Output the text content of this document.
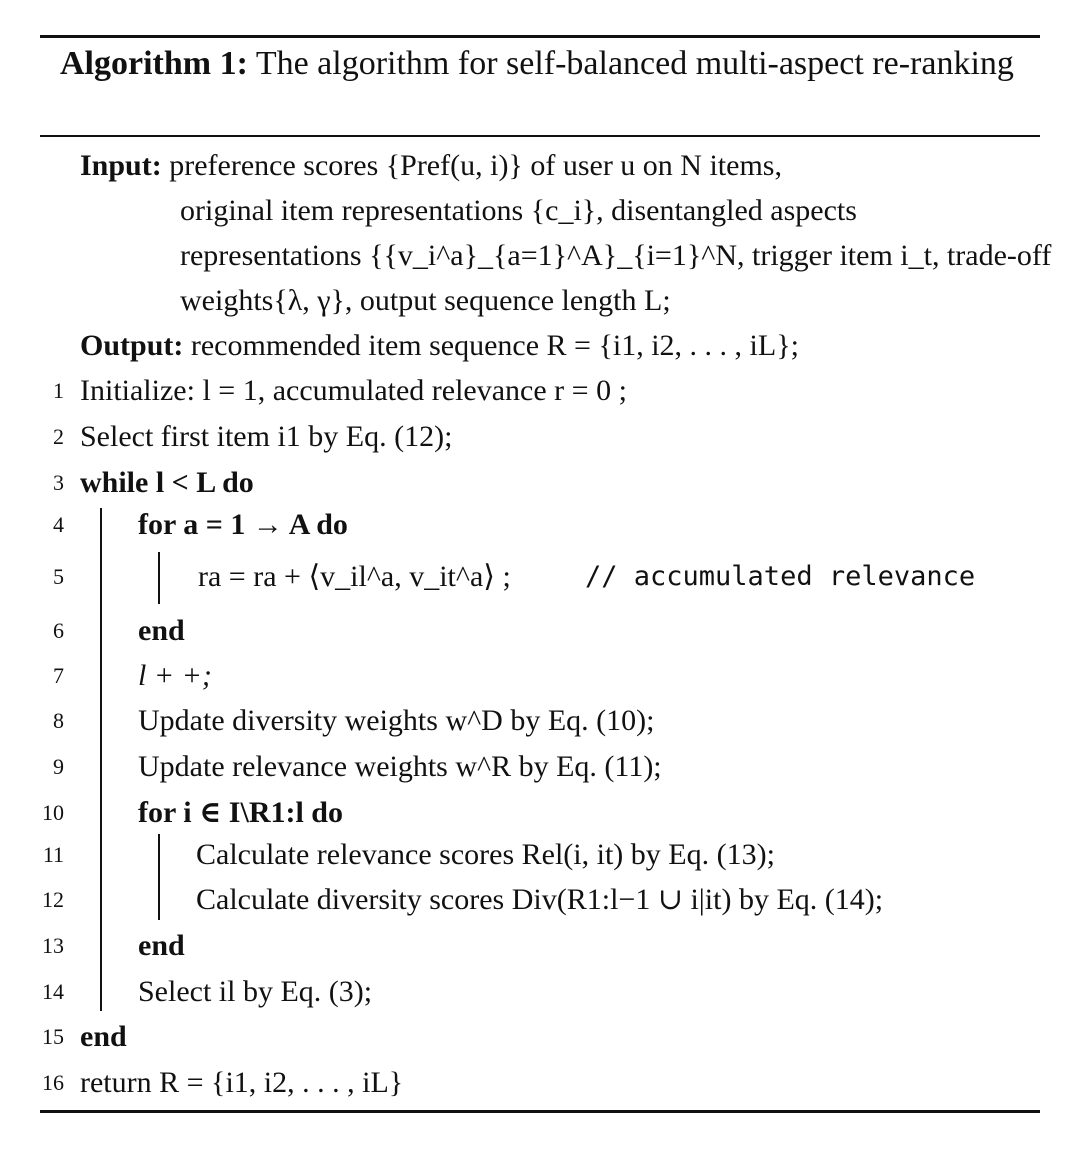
Algorithm 1: The algorithm for self-balanced multi-aspect re-ranking
Input: preference scores {Pref(u, i)} of user u on N items,
original item representations {c_i}, disentangled aspects
representations {{v_i^a}_{a=1}^A}_{i=1}^N, trigger item i_t, trade-off
weights{λ, γ}, output sequence length L;
Output: recommended item sequence R = {i1, i2, . . . , iL};
1 Initialize: l = 1, accumulated relevance r = 0 ;
2 Select first item i1 by Eq. (12);
3 while l < L do
4 for a = 1 → A do
5	ra = ra + ⟨v_il^a, v_it^a⟩ ;	// accumulated relevance
6 end
7 l + +;
8 Update diversity weights w^D by Eq. (10);
9 Update relevance weights w^R by Eq. (11);
10 for i ∈ I\R1:l do
11	Calculate relevance scores Rel(i, it) by Eq. (13);
12	Calculate diversity scores Div(R1:l−1 ∪ i|it) by Eq. (14);
13 end
14 Select il by Eq. (3);
15 end
16 return R = {i1, i2, . . . , iL}
